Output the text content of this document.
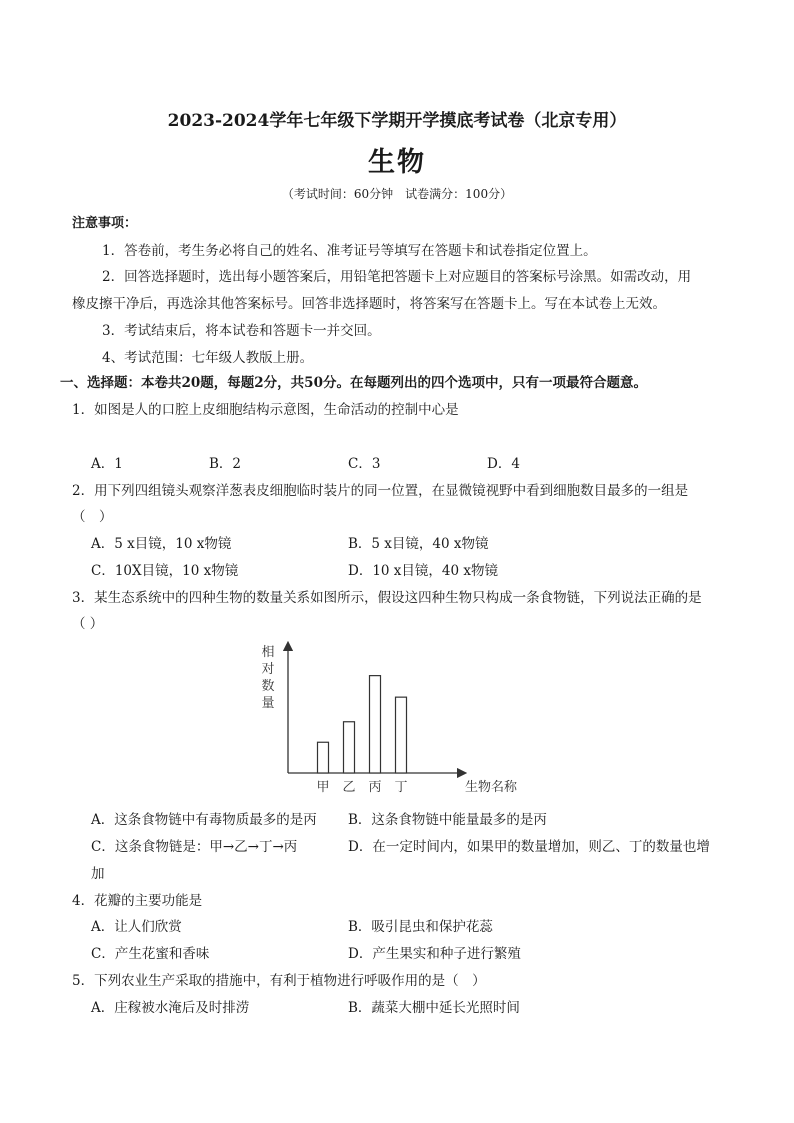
2023-2024学年七年级下学期开学摸底考试卷（北京专用）
生物
（考试时间：60分钟　试卷满分：100分）
注意事项：
1．答卷前，考生务必将自己的姓名、准考证号等填写在答题卡和试卷指定位置上。
2．回答选择题时，选出每小题答案后，用铅笔把答题卡上对应题目的答案标号涂黑。如需改动，用
橡皮擦干净后，再选涂其他答案标号。回答非选择题时，将答案写在答题卡上。写在本试卷上无效。
3．考试结束后，将本试卷和答题卡一并交回。
4、考试范围：七年级人教版上册。
一、选择题：本卷共20题，每题2分，共50分。在每题列出的四个选项中，只有一项最符合题意。
1．如图是人的口腔上皮细胞结构示意图，生命活动的控制中心是
A．1	B．2	C．3	D．4
2．用下列四组镜头观察洋葱表皮细胞临时装片的同一位置，在显微镜视野中看到细胞数目最多的一组是
（　）
A．5 x目镜，10 x物镜	B．5 x目镜，40 x物镜
C．10X目镜，10 x物镜	D．10 x目镜，40 x物镜
3．某生态系统中的四种生物的数量关系如图所示，假设这四种生物只构成一条食物链，下列说法正确的是
（ ）
相
对
数
量
甲 乙 丙 丁	生物名称
A．这条食物链中有毒物质最多的是丙 B．这条食物链中能量最多的是丙
C．这条食物链是：甲→乙→丁→丙	D．在一定时间内，如果甲的数量增加，则乙、丁的数量也增
加
4．花瓣的主要功能是
A．让人们欣赏	B．吸引昆虫和保护花蕊
C．产生花蜜和香味	D．产生果实和种子进行繁殖
5．下列农业生产采取的措施中，有利于植物进行呼吸作用的是（　）
A．庄稼被水淹后及时排涝	B．蔬菜大棚中延长光照时间
